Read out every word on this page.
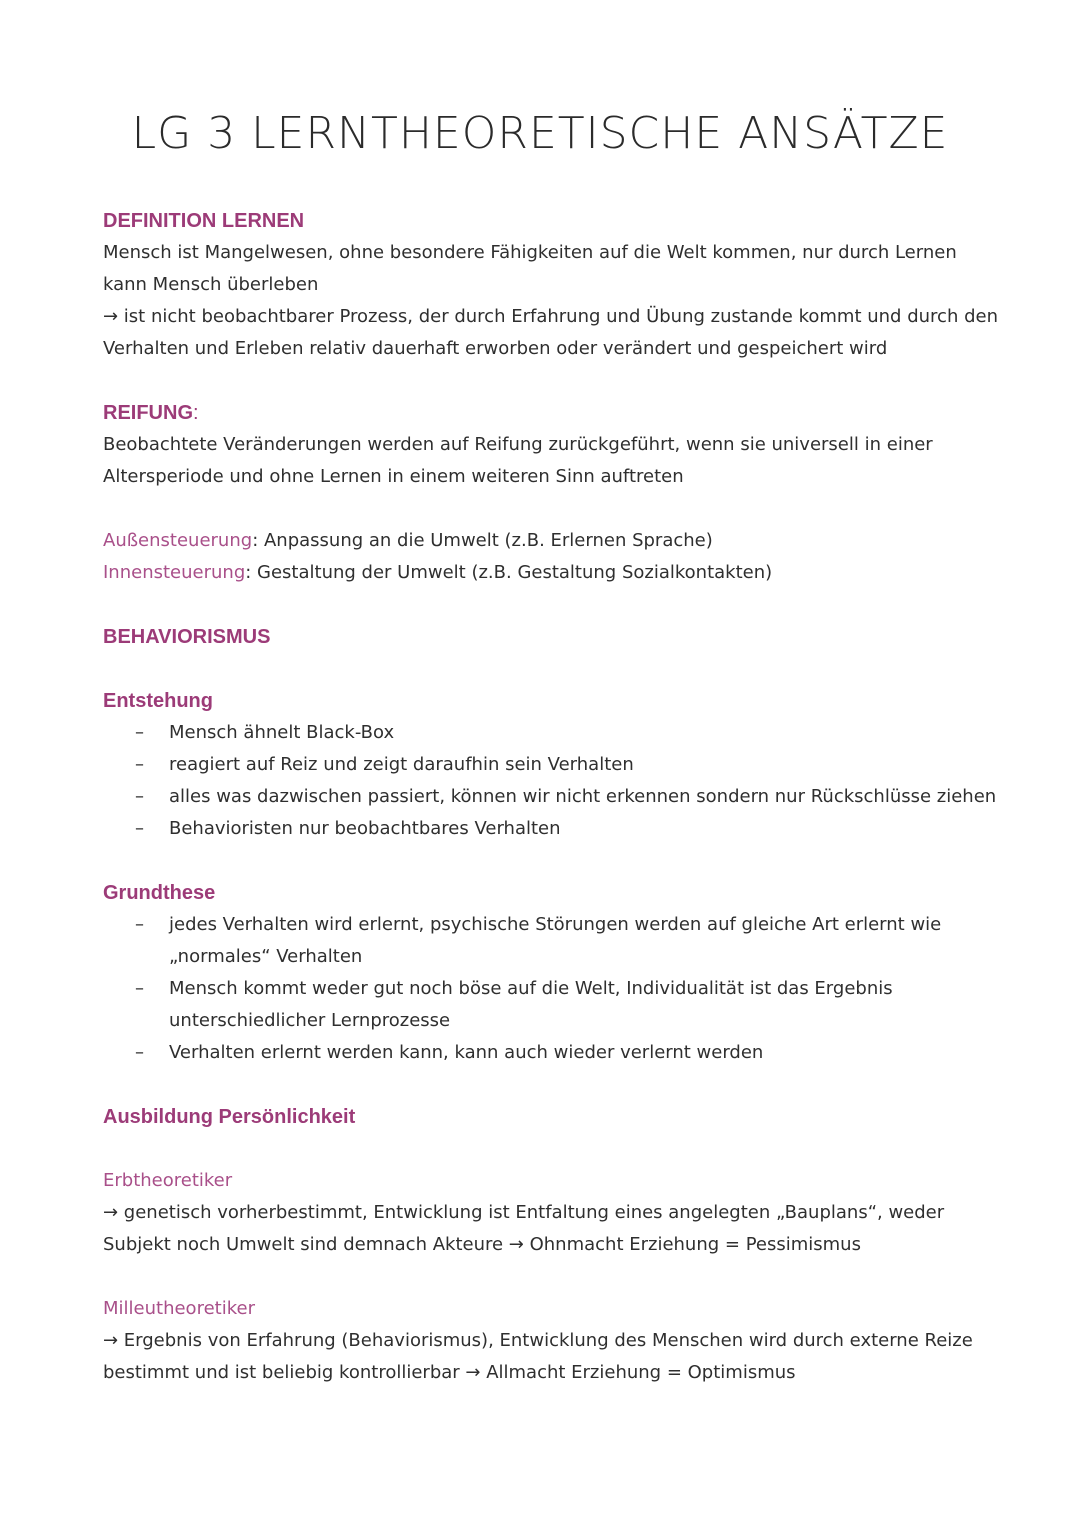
LG 3 LERNTHEORETISCHE ANSÄTZE
DEFINITION LERNEN

Mensch ist Mangelwesen, ohne besondere Fähigkeiten auf die Welt kommen, nur durch Lernen

kann Mensch überleben

→ ist nicht beobachtbarer Prozess, der durch Erfahrung und Übung zustande kommt und durch den

Verhalten und Erleben relativ dauerhaft erworben oder verändert und gespeichert wird

REIFUNG:

Beobachtete Veränderungen werden auf Reifung zurückgeführt, wenn sie universell in einer

Altersperiode und ohne Lernen in einem weiteren Sinn auftreten

Außensteuerung: Anpassung an die Umwelt (z.B. Erlernen Sprache)

Innensteuerung: Gestaltung der Umwelt (z.B. Gestaltung Sozialkontakten)

BEHAVIORISMUS
Entstehung
– Mensch ähnelt Black-Box
– reagiert auf Reiz und zeigt daraufhin sein Verhalten
– alles was dazwischen passiert, können wir nicht erkennen sondern nur Rückschlüsse ziehen
– Behavioristen nur beobachtbares Verhalten
Grundthese
– jedes Verhalten wird erlernt, psychische Störungen werden auf gleiche Art erlernt wie
„normales“ Verhalten
– Mensch kommt weder gut noch böse auf die Welt, Individualität ist das Ergebnis
unterschiedlicher Lernprozesse
– Verhalten erlernt werden kann, kann auch wieder verlernt werden
Ausbildung Persönlichkeit
Erbtheoretiker

→ genetisch vorherbestimmt, Entwicklung ist Entfaltung eines angelegten „Bauplans“, weder

Subjekt noch Umwelt sind demnach Akteure → Ohnmacht Erziehung = Pessimismus

Milleutheoretiker

→ Ergebnis von Erfahrung (Behaviorismus), Entwicklung des Menschen wird durch externe Reize

bestimmt und ist beliebig kontrollierbar → Allmacht Erziehung = Optimismus
